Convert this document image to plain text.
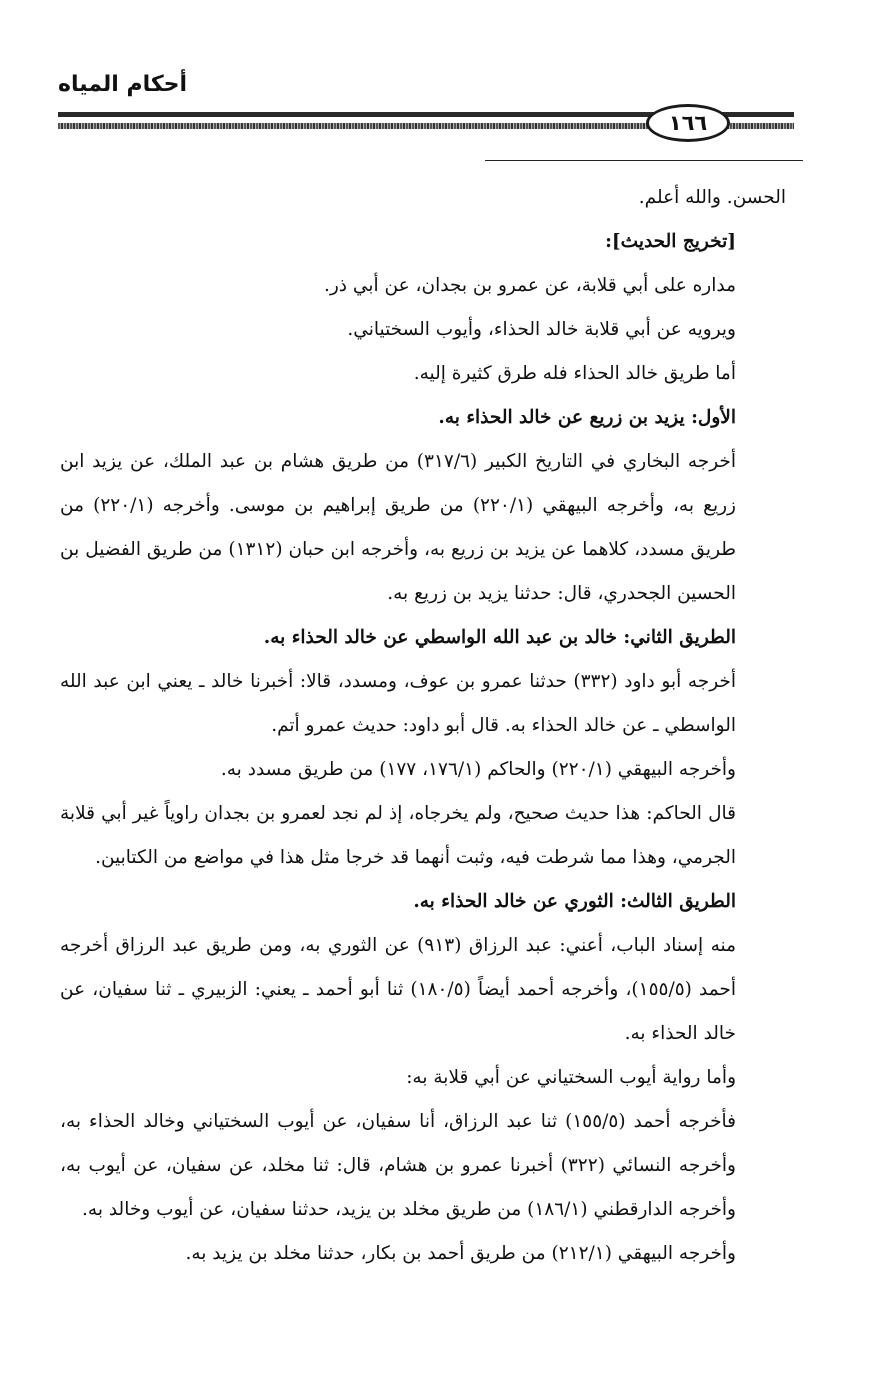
أحكام المياه
١٦٦

الحسن. والله أعلم.

[تخريج الحديث]:

مداره على أبي قلابة، عن عمرو بن بجدان، عن أبي ذر.

ويرويه عن أبي قلابة خالد الحذاء، وأيوب السختياني.

أما طريق خالد الحذاء فله طرق كثيرة إليه.

الأول: يزيد بن زريع عن خالد الحذاء به.

أخرجه البخاري في التاريخ الكبير (٣١٧/٦) من طريق هشام بن عبد الملك، عن يزيد ابن زريع به، وأخرجه البيهقي (٢٢٠/١) من طريق إبراهيم بن موسى. وأخرجه (٢٢٠/١) من طريق مسدد، كلاهما عن يزيد بن زريع به، وأخرجه ابن حبان (١٣١٢) من طريق الفضيل بن الحسين الجحدري، قال: حدثنا يزيد بن زريع به.

الطريق الثاني: خالد بن عبد الله الواسطي عن خالد الحذاء به.

أخرجه أبو داود (٣٣٢) حدثنا عمرو بن عوف، ومسدد، قالا: أخبرنا خالد ـ يعني ابن عبد الله الواسطي ـ عن خالد الحذاء به. قال أبو داود: حديث عمرو أتم.

وأخرجه البيهقي (٢٢٠/١) والحاكم (١٧٦/١، ١٧٧) من طريق مسدد به.

قال الحاكم: هذا حديث صحيح، ولم يخرجاه، إذ لم نجد لعمرو بن بجدان راوياً غير أبي قلابة الجرمي، وهذا مما شرطت فيه، وثبت أنهما قد خرجا مثل هذا في مواضع من الكتابين.

الطريق الثالث: الثوري عن خالد الحذاء به.

منه إسناد الباب، أعني: عبد الرزاق (٩١٣) عن الثوري به، ومن طريق عبد الرزاق أخرجه أحمد (١٥٥/٥)، وأخرجه أحمد أيضاً (١٨٠/٥) ثنا أبو أحمد ـ يعني: الزبيري ـ ثنا سفيان، عن خالد الحذاء به.

وأما رواية أيوب السختياني عن أبي قلابة به:

فأخرجه أحمد (١٥٥/٥) ثنا عبد الرزاق، أنا سفيان، عن أيوب السختياني وخالد الحذاء به، وأخرجه النسائي (٣٢٢) أخبرنا عمرو بن هشام، قال: ثنا مخلد، عن سفيان، عن أيوب به، وأخرجه الدارقطني (١٨٦/١) من طريق مخلد بن يزيد، حدثنا سفيان، عن أيوب وخالد به.

وأخرجه البيهقي (٢١٢/١) من طريق أحمد بن بكار، حدثنا مخلد بن يزيد به.
